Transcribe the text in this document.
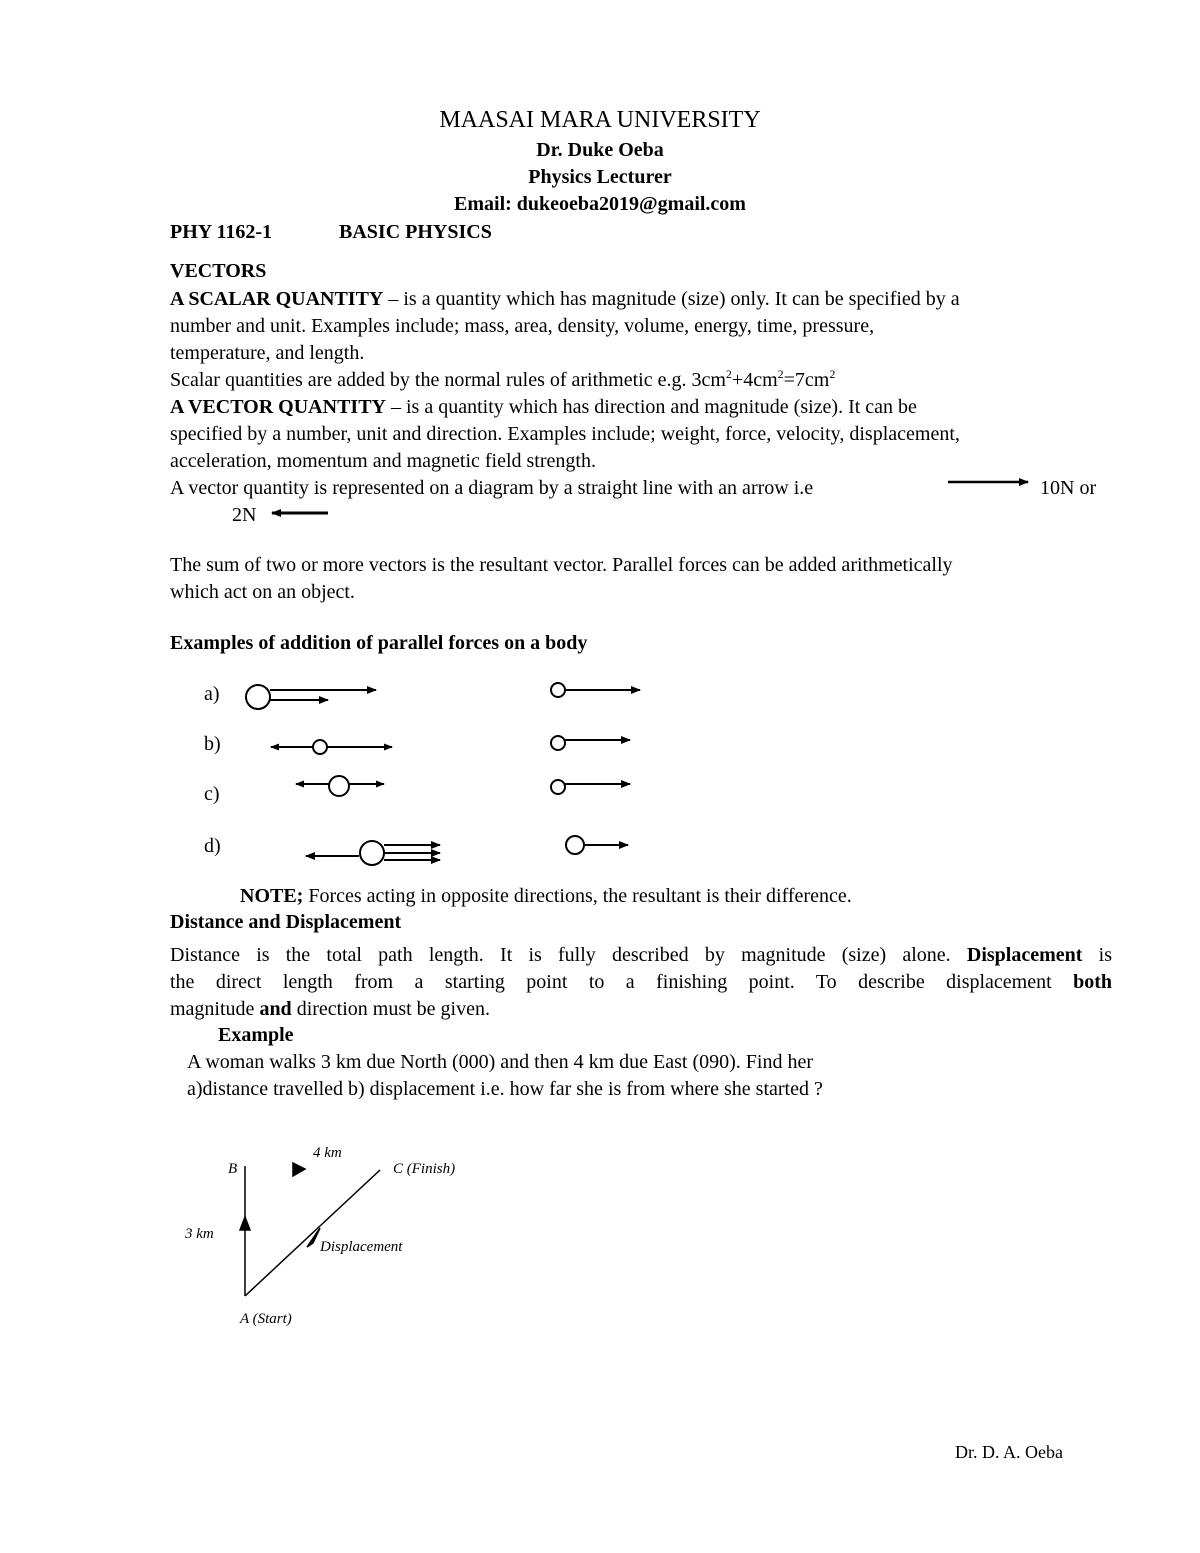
MAASAI MARA UNIVERSITY
Dr. Duke Oeba
Physics Lecturer
Email: dukeoeba2019@gmail.com
PHY 1162-1	BASIC PHYSICS
VECTORS
A SCALAR QUANTITY – is a quantity which has magnitude (size) only. It can be specified by a
number and unit. Examples include; mass, area, density, volume, energy, time, pressure,
temperature, and length.
Scalar quantities are added by the normal rules of arithmetic e.g. $3cm^2+4cm^2=7cm^2$
A VECTOR QUANTITY – is a quantity which has direction and magnitude (size). It can be
specified by a number, unit and direction. Examples include; weight, force, velocity, displacement,
acceleration, momentum and magnetic field strength.
A vector quantity is represented on a diagram by a straight line with an arrow i.e	10N or
2N
The sum of two or more vectors is the resultant vector. Parallel forces can be added arithmetically
which act on an object.
Examples of addition of parallel forces on a body
a)
b)
c)
d)
NOTE; Forces acting in opposite directions, the resultant is their difference.
Distance and Displacement
Distance is the total path length. It is fully described by magnitude (size) alone. Displacement is
the direct length from a starting point to a finishing point. To describe displacement both
magnitude and direction must be given.
Example
A woman walks 3 km due North (000) and then 4 km due East (090). Find her
a)distance travelled b) displacement i.e. how far she is from where she started ?
B
4 km
C (Finish)
3 km
Displacement
A (Start)
Dr. D. A. Oeba
